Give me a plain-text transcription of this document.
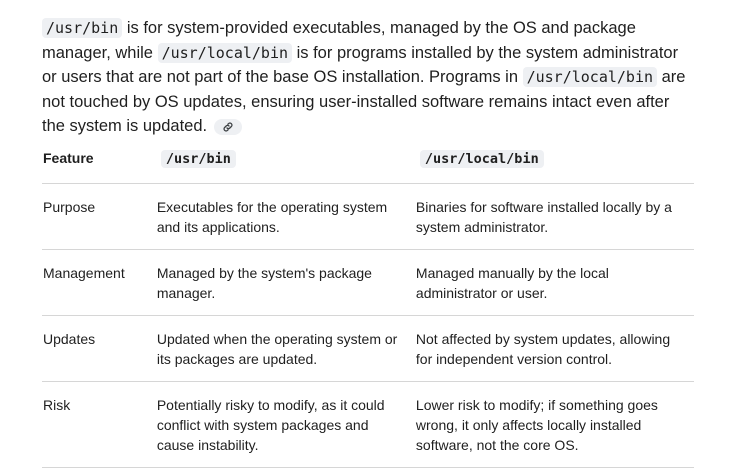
/usr/bin is for system-provided executables, managed by the OS and package manager, while /usr/local/bin is for programs installed by the system administrator or users that are not part of the base OS installation. Programs in /usr/local/bin are not touched by OS updates, ensuring user-installed software remains intact even after the system is updated.

Feature	/usr/bin	/usr/local/bin
Purpose	Executables for the operating system and its applications.	Binaries for software installed locally by a system administrator.
Management	Managed by the system's package manager.	Managed manually by the local administrator or user.
Updates	Updated when the operating system or its packages are updated.	Not affected by system updates, allowing for independent version control.
Risk	Potentially risky to modify, as it could conflict with system packages and cause instability.	Lower risk to modify; if something goes wrong, it only affects locally installed software, not the core OS.
